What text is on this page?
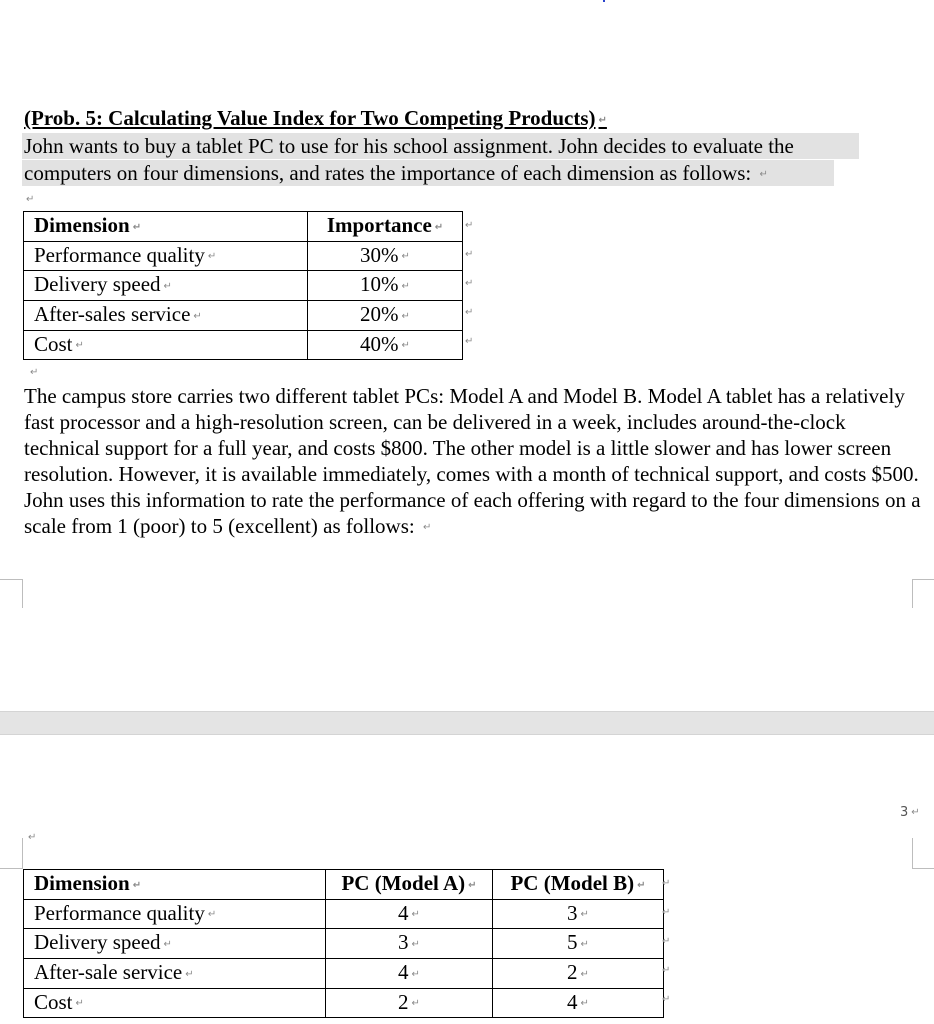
(Prob. 5: Calculating Value Index for Two Competing Products) ↵
John wants to buy a tablet PC to use for his school assignment. John decides to evaluate the
computers on four dimensions, and rates the importance of each dimension as follows: ↵
↵
Dimension ↵	Importance ↵
Performance quality ↵	30% ↵
Delivery speed ↵	10% ↵
After-sales service ↵	20% ↵
Cost ↵	40% ↵
↵
↵
↵
↵
↵
↵
The campus store carries two different tablet PCs: Model A and Model B. Model A tablet has a relatively fast processor and a high-resolution screen, can be delivered in a week, includes around-the-clock technical support for a full year, and costs $800. The other model is a little slower and has lower screen resolution. However, it is available immediately, comes with a month of technical support, and costs $500. John uses this information to rate the performance of each offering with regard to the four dimensions on a scale from 1 (poor) to 5 (excellent) as follows: ↵
3 ↵
↵
Dimension ↵	PC (Model A) ↵	PC (Model B) ↵
Performance quality ↵	4 ↵	3 ↵
Delivery speed ↵	3 ↵	5 ↵
After-sale service ↵	4 ↵	2 ↵
Cost ↵	2 ↵	4 ↵
↵
↵
↵
↵
↵
